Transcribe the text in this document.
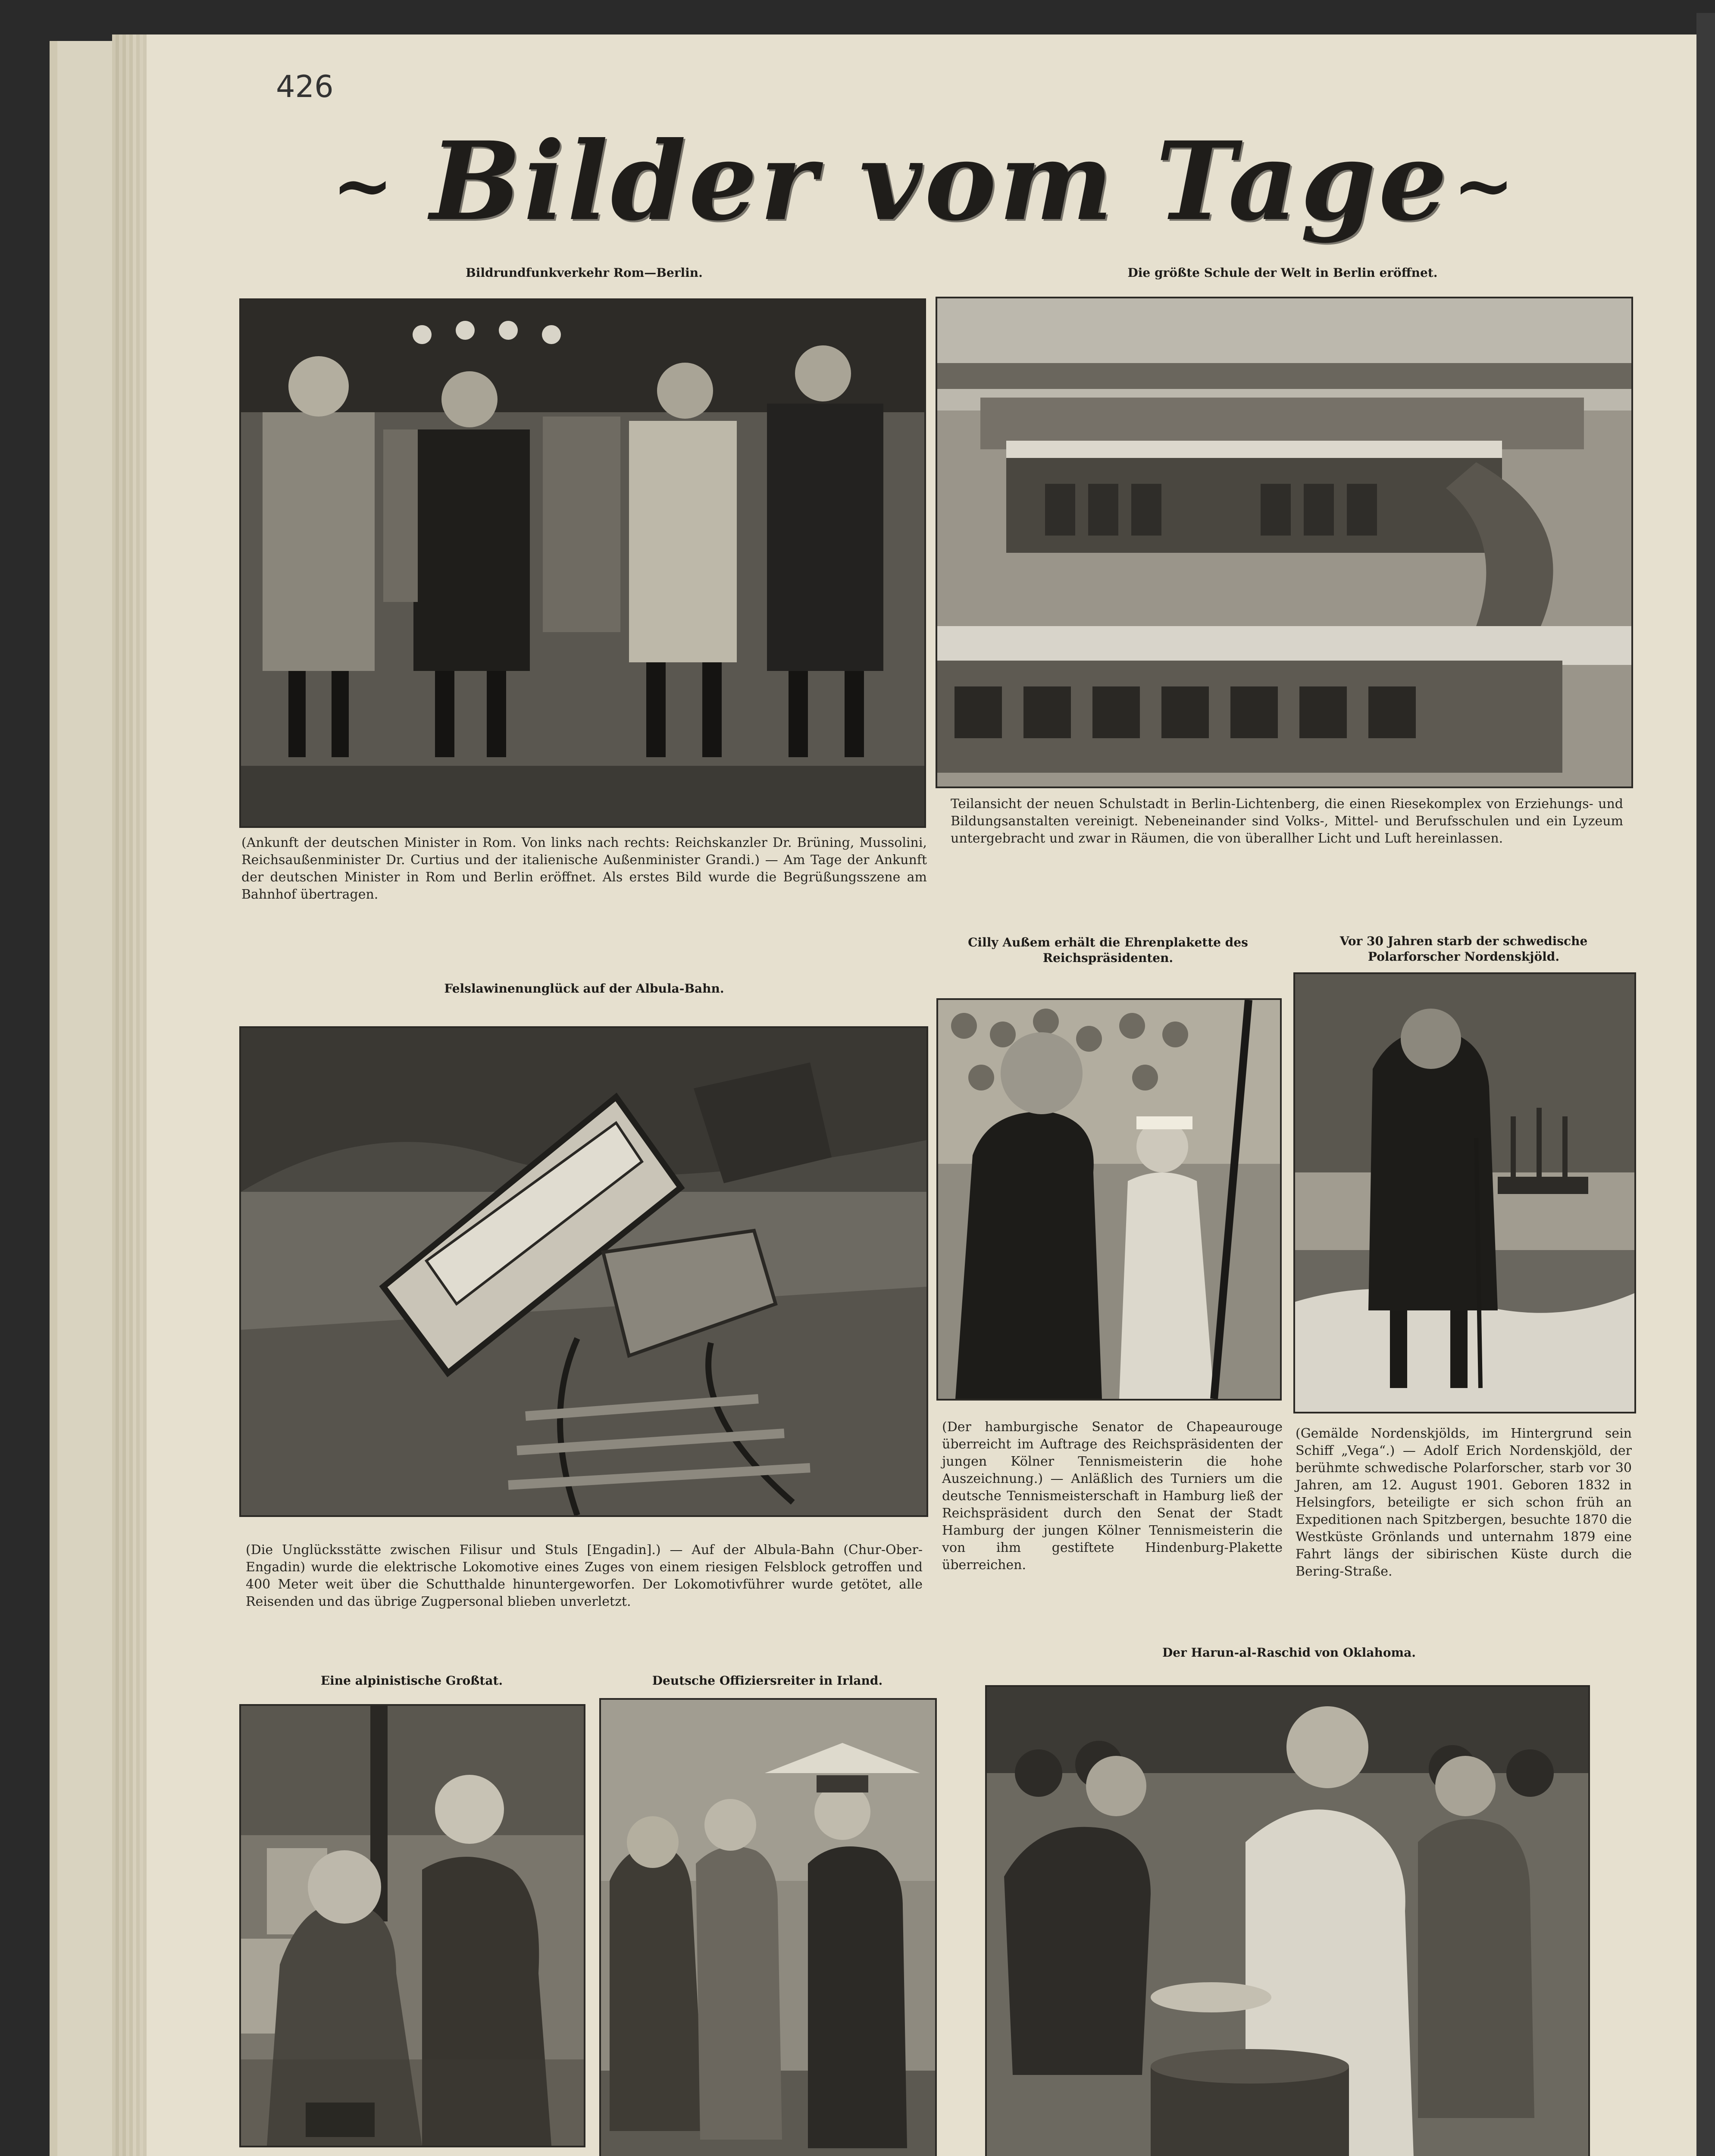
426
~ Bilder vom Tage ~
Bildrundfunkverkehr Rom—Berlin.
(Ankunft der deutschen Minister in Rom. Von links nach rechts: Reichskanzler Dr. Brüning, Mussolini, Reichsaußenminister Dr. Curtius und der italienische Außenminister Grandi.) — Am Tage der Ankunft der deutschen Minister in Rom und Berlin eröffnet. Als erstes Bild wurde die Begrüßungsszene am Bahnhof übertragen.
Die größte Schule der Welt in Berlin eröffnet.
Teilansicht der neuen Schulstadt in Berlin-Lichtenberg, die einen Riesekomplex von Erziehungs- und Bildungsanstalten vereinigt. Nebeneinander sind Volks-, Mittel- und Berufsschulen und ein Lyzeum untergebracht und zwar in Räumen, die von überallher Licht und Luft hereinlassen.
Felslawinenunglück auf der Albula-Bahn.
(Die Unglücksstätte zwischen Filisur und Stuls [Engadin].) — Auf der Albula-Bahn (Chur-Ober-Engadin) wurde die elektrische Lokomotive eines Zuges von einem riesigen Felsblock getroffen und 400 Meter weit über die Schutthalde hinuntergeworfen. Der Lokomotivführer wurde getötet, alle Reisenden und das übrige Zugpersonal blieben unverletzt.
Cilly Außem erhält die Ehrenplakette des Reichspräsidenten.
(Der hamburgische Senator de Chapeaurouge überreicht im Auftrage des Reichspräsidenten der jungen Kölner Tennismeisterin die hohe Auszeichnung.) — Anläßlich des Turniers um die deutsche Tennismeisterschaft in Hamburg ließ der Reichspräsident durch den Senat der Stadt Hamburg der jungen Kölner Tennismeisterin die von ihm gestiftete Hindenburg-Plakette überreichen.
Vor 30 Jahren starb der schwedische Polarforscher Nordenskjöld.
(Gemälde Nordenskjölds, im Hintergrund sein Schiff „Vega“.) — Adolf Erich Nordenskjöld, der berühmte schwedische Polarforscher, starb vor 30 Jahren, am 12. August 1901. Geboren 1832 in Helsingfors, beteiligte er sich schon früh an Expeditionen nach Spitzbergen, besuchte 1870 die Westküste Grönlands und unternahm 1879 eine Fahrt längs der sibirischen Küste durch die Bering-Straße.
Eine alpinistische Großtat.	Deutsche Offiziersreiter in Irland.
Der Harun-al-Raschid von Oklahoma.
